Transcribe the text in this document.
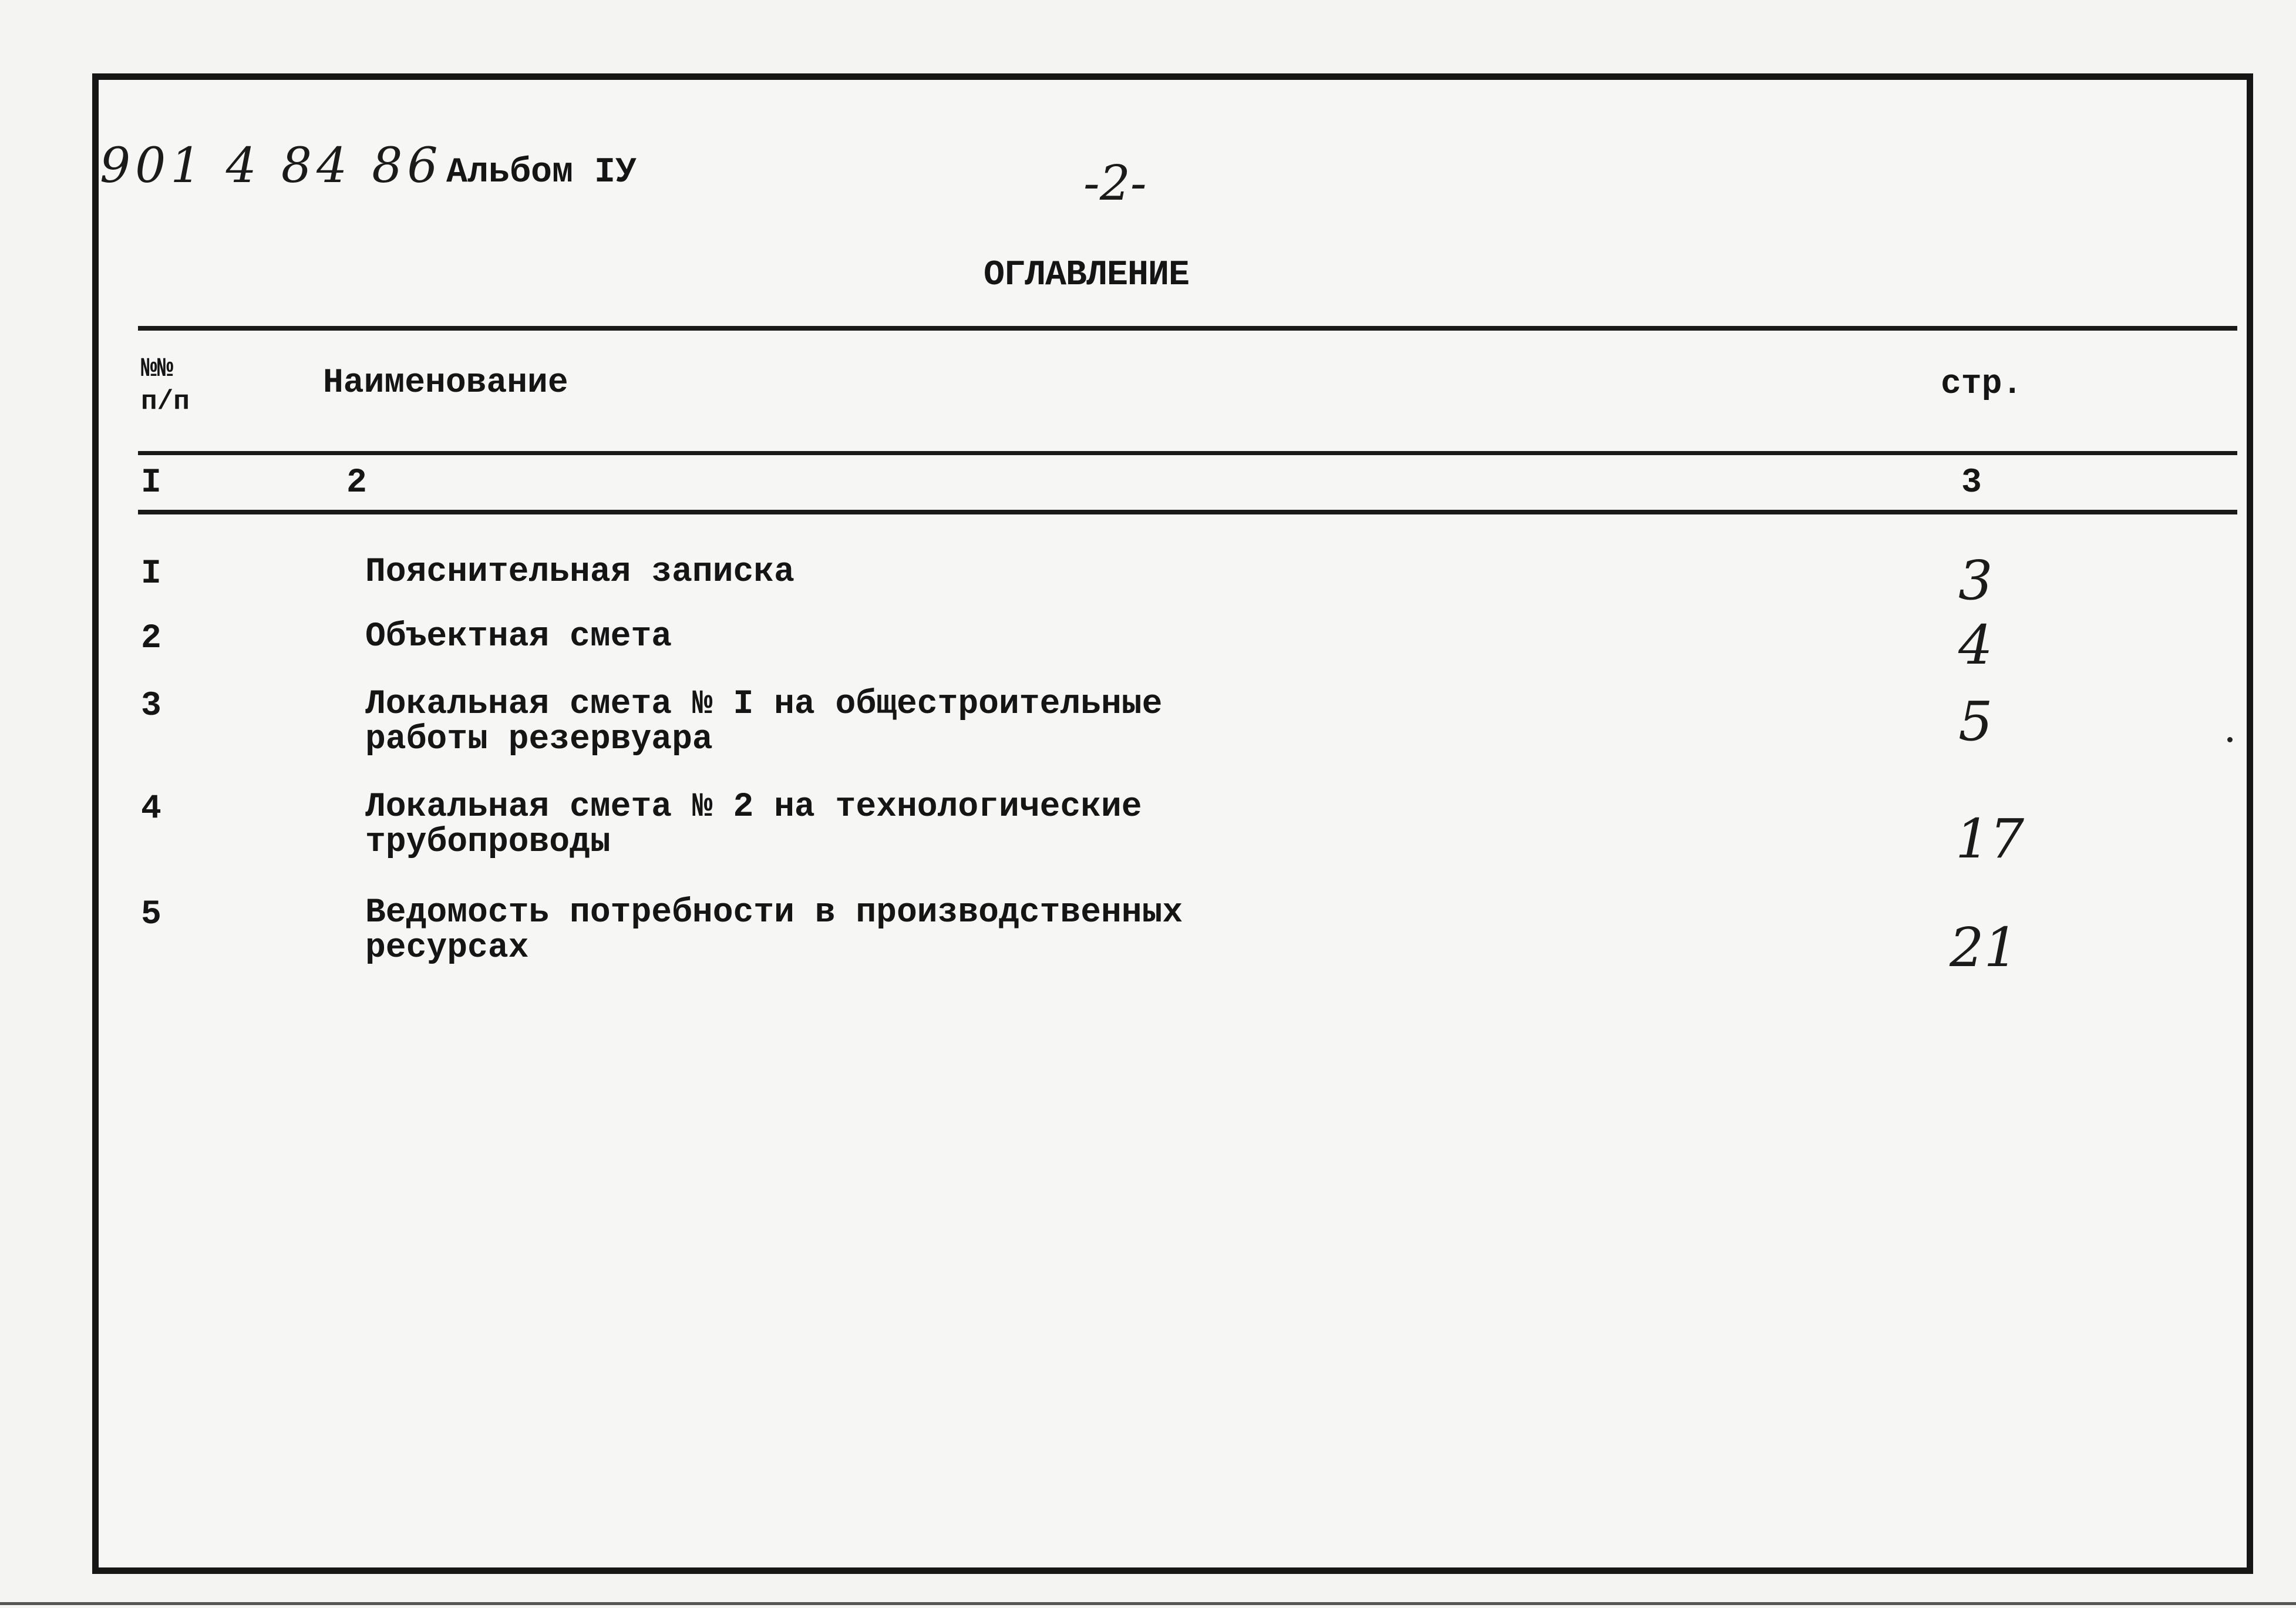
901 4 84 86 Альбом IУ	-2-
ОГЛАВЛЕНИЕ
№№
п/п	Наименование	стр.
I	2	3
I	Пояснительная записка	3
2	Объектная смета	4
3	Локальная смета № I на общестроительные
работы резервуара	5
4	Локальная смета № 2 на технологические
трубопроводы	17
5	Ведомость потребности в производственных
ресурсах	21
